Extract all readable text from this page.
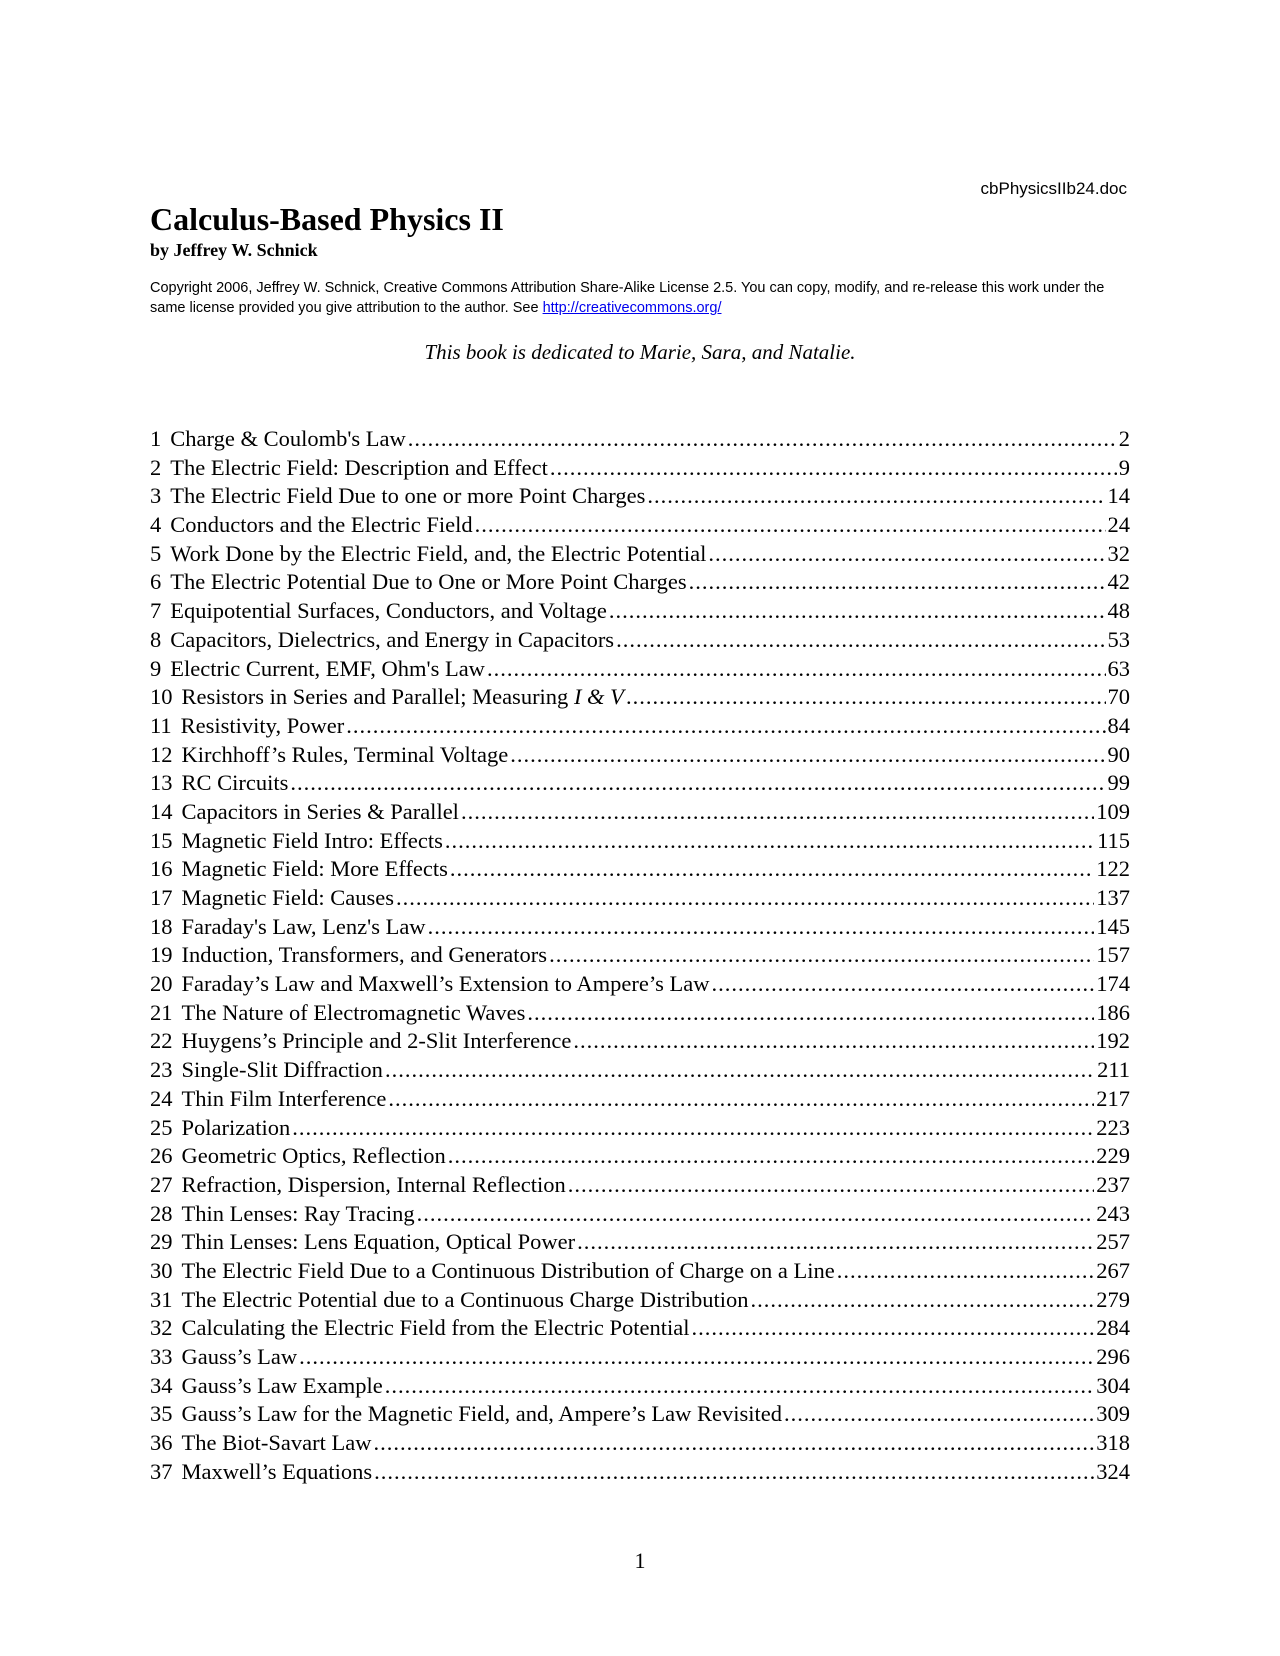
cbPhysicsIIb24.doc
Calculus-Based Physics II
by Jeffrey W. Schnick
Copyright 2006, Jeffrey W. Schnick, Creative Commons Attribution Share-Alike License 2.5. You can copy, modify, and re-release this work under the same license provided you give attribution to the author. See http://creativecommons.org/
This book is dedicated to Marie, Sara, and Natalie.
1 Charge & Coulomb's Law .....	2
2 The Electric Field: Description and Effect .....	9
3 The Electric Field Due to one or more Point Charges .....	14
4 Conductors and the Electric Field .....	24
5 Work Done by the Electric Field, and, the Electric Potential .....	32
6 The Electric Potential Due to One or More Point Charges .....	42
7 Equipotential Surfaces, Conductors, and Voltage .....	48
8 Capacitors, Dielectrics, and Energy in Capacitors .....	53
9 Electric Current, EMF, Ohm's Law .....	63
10 Resistors in Series and Parallel; Measuring I & V .....	70
11 Resistivity, Power .....	84
12 Kirchhoff’s Rules, Terminal Voltage .....	90
13 RC Circuits .....	99
14 Capacitors in Series & Parallel .....	109
15 Magnetic Field Intro: Effects .....	115
16 Magnetic Field: More Effects .....	122
17 Magnetic Field: Causes .....	137
18 Faraday's Law, Lenz's Law .....	145
19 Induction, Transformers, and Generators .....	157
20 Faraday’s Law and Maxwell’s Extension to Ampere’s Law .....	174
21 The Nature of Electromagnetic Waves .....	186
22 Huygens’s Principle and 2-Slit Interference .....	192
23 Single-Slit Diffraction .....	211
24 Thin Film Interference .....	217
25 Polarization .....	223
26 Geometric Optics, Reflection .....	229
27 Refraction, Dispersion, Internal Reflection .....	237
28 Thin Lenses: Ray Tracing .....	243
29 Thin Lenses: Lens Equation, Optical Power .....	257
30 The Electric Field Due to a Continuous Distribution of Charge on a Line .....	267
31 The Electric Potential due to a Continuous Charge Distribution .....	279
32 Calculating the Electric Field from the Electric Potential .....	284
33 Gauss’s Law .....	296
34 Gauss’s Law Example .....	304
35 Gauss’s Law for the Magnetic Field, and, Ampere’s Law Revisited .....	309
36 The Biot-Savart Law .....	318
37 Maxwell’s Equations .....	324
1
